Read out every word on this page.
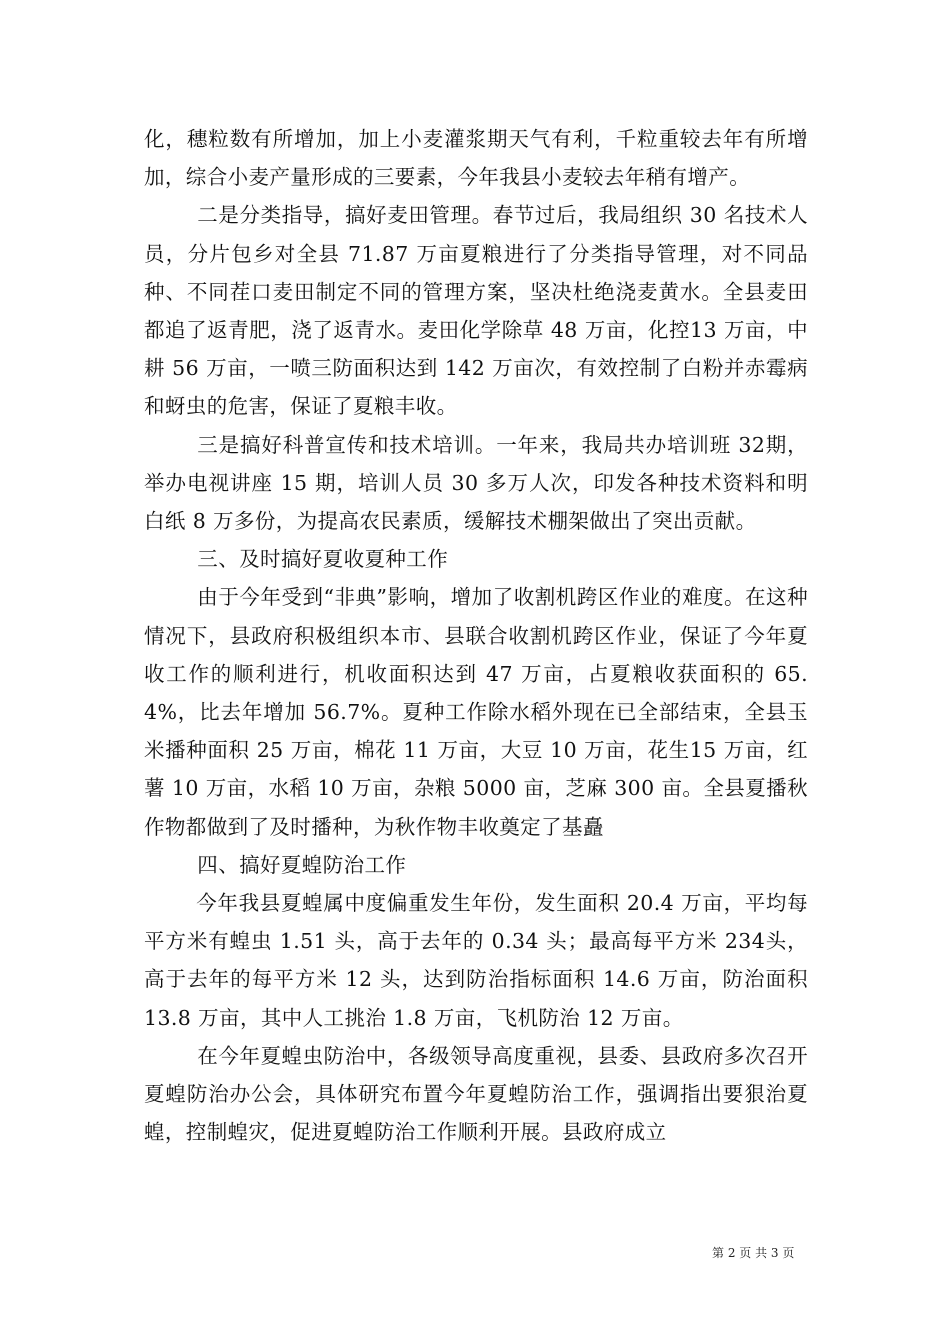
化，穗粒数有所增加，加上小麦灌浆期天气有利，千粒重较去年有所增加，综合小麦产量形成的三要素，今年我县小麦较去年稍有增产。

二是分类指导，搞好麦田管理。春节过后，我局组织 30 名技术人员，分片包乡对全县 71.87 万亩夏粮进行了分类指导管理，对不同品种、不同茬口麦田制定不同的管理方案，坚决杜绝浇麦黄水。全县麦田都追了返青肥，浇了返青水。麦田化学除草 48 万亩，化控13 万亩，中耕 56 万亩，一喷三防面积达到 142 万亩次，有效控制了白粉并赤霉病和蚜虫的危害，保证了夏粮丰收。

三是搞好科普宣传和技术培训。一年来，我局共办培训班 32期，举办电视讲座 15 期，培训人员 30 多万人次，印发各种技术资料和明白纸 8 万多份，为提高农民素质，缓解技术棚架做出了突出贡献。

三、及时搞好夏收夏种工作

由于今年受到“非典”影响，增加了收割机跨区作业的难度。在这种情况下，县政府积极组织本市、县联合收割机跨区作业，保证了今年夏收工作的顺利进行，机收面积达到 47 万亩，占夏粮收获面积的 65.4%，比去年增加 56.7%。夏种工作除水稻外现在已全部结束，全县玉米播种面积 25 万亩，棉花 11 万亩，大豆 10 万亩，花生15 万亩，红薯 10 万亩，水稻 10 万亩，杂粮 5000 亩，芝麻 300 亩。全县夏播秋作物都做到了及时播种，为秋作物丰收奠定了基矗

四、搞好夏蝗防治工作

今年我县夏蝗属中度偏重发生年份，发生面积 20.4 万亩，平均每平方米有蝗虫 1.51 头，高于去年的 0.34 头；最高每平方米 234头，高于去年的每平方米 12 头，达到防治指标面积 14.6 万亩，防治面积 13.8 万亩，其中人工挑治 1.8 万亩，飞机防治 12 万亩。

在今年夏蝗虫防治中，各级领导高度重视，县委、县政府多次召开夏蝗防治办公会，具体研究布置今年夏蝗防治工作，强调指出要狠治夏蝗，控制蝗灾，促进夏蝗防治工作顺利开展。县政府成立

第 2 页 共 3 页
